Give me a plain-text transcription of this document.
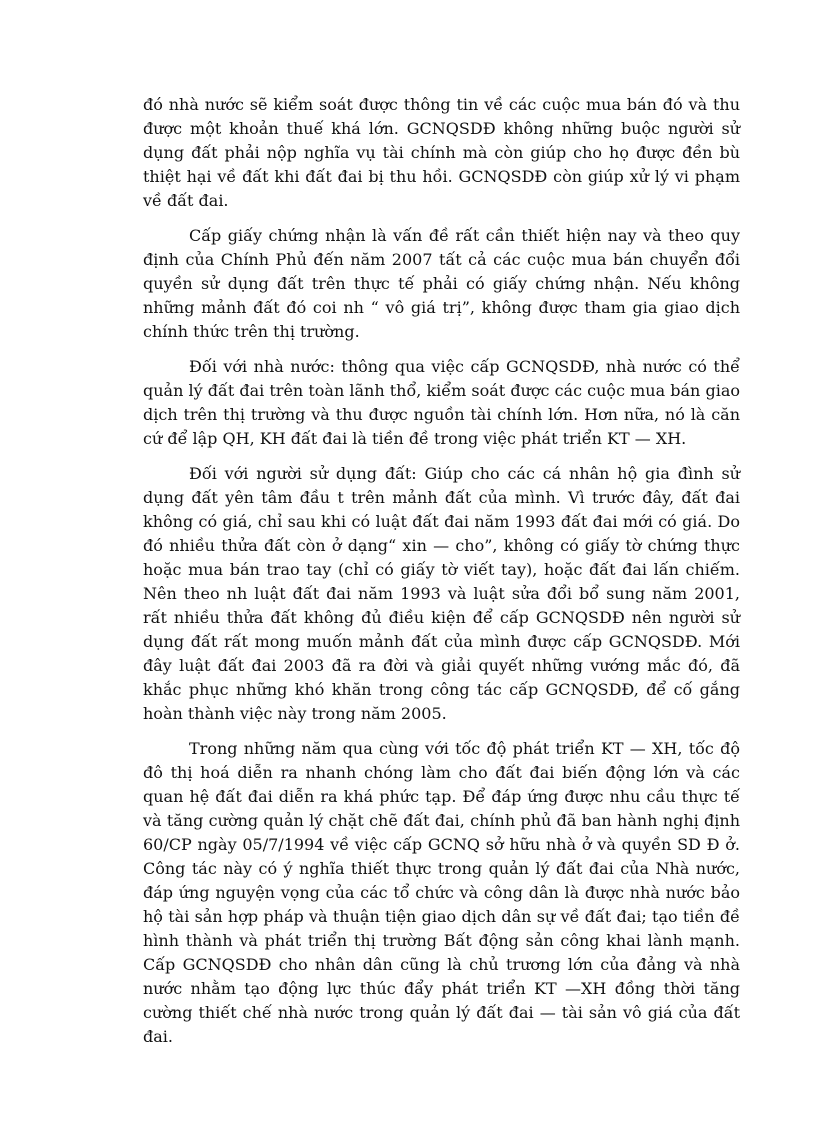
đó nhà nước sẽ kiểm soát được thông tin về các cuộc mua bán đó và thu được một khoản thuế khá lớn. GCNQSDĐ không những buộc người sử dụng đất phải nộp nghĩa vụ tài chính mà còn giúp cho họ được đền bù thiệt hại về đất khi đất đai bị thu hồi. GCNQSDĐ còn giúp xử lý vi phạm về đất đai.

Cấp giấy chứng nhận là vấn đề rất cần thiết hiện nay và theo quy định của Chính Phủ đến năm 2007 tất cả các cuộc mua bán chuyển đổi quyền sử dụng đất trên thực tế phải có giấy chứng nhận. Nếu không những mảnh đất đó coi nh “ vô giá trị”, không được tham gia giao dịch chính thức trên thị trường.

Đối với nhà nước: thông qua việc cấp GCNQSDĐ, nhà nước có thể quản lý đất đai trên toàn lãnh thổ, kiểm soát được các cuộc mua bán giao dịch trên thị trường và thu được nguồn tài chính lớn. Hơn nữa, nó là căn cứ để lập QH, KH đất đai là tiền đề trong việc phát triển KT — XH.

Đối với người sử dụng đất: Giúp cho các cá nhân hộ gia đình sử dụng đất yên tâm đầu t trên mảnh đất của mình. Vì trước đây, đất đai không có giá, chỉ sau khi có luật đất đai năm 1993 đất đai mới có giá. Do đó nhiều thửa đất còn ở dạng“ xin — cho”, không có giấy tờ chứng thực hoặc mua bán trao tay (chỉ có giấy tờ viết tay), hoặc đất đai lấn chiếm. Nên theo nh luật đất đai năm 1993 và luật sửa đổi bổ sung năm 2001, rất nhiều thửa đất không đủ điều kiện để cấp GCNQSDĐ nên người sử dụng đất rất mong muốn mảnh đất của mình được cấp GCNQSDĐ. Mới đây luật đất đai 2003 đã ra đời và giải quyết những vướng mắc đó, đã khắc phục những khó khăn trong công tác cấp GCNQSDĐ, để cố gắng hoàn thành việc này trong năm 2005.

Trong những năm qua cùng với tốc độ phát triển KT — XH, tốc độ đô thị hoá diễn ra nhanh chóng làm cho đất đai biến động lớn và các quan hệ đất đai diễn ra khá phức tạp. Để đáp ứng được nhu cầu thực tế và tăng cường quản lý chặt chẽ đất đai, chính phủ đã ban hành nghị định 60/CP ngày 05/7/1994 về việc cấp GCNQ sở hữu nhà ở và quyền SD Đ ở. Công tác này có ý nghĩa thiết thực trong quản lý đất đai của Nhà nước, đáp ứng nguyện vọng của các tổ chức và công dân là được nhà nước bảo hộ tài sản hợp pháp và thuận tiện giao dịch dân sự về đất đai; tạo tiền đề hình thành và phát triển thị trường Bất động sản công khai lành mạnh. Cấp GCNQSDĐ cho nhân dân cũng là chủ trương lớn của đảng và nhà nước nhằm tạo động lực thúc đẩy phát triển KT —XH đồng thời tăng cường thiết chế nhà nước trong quản lý đất đai — tài sản vô giá của đất đai.
